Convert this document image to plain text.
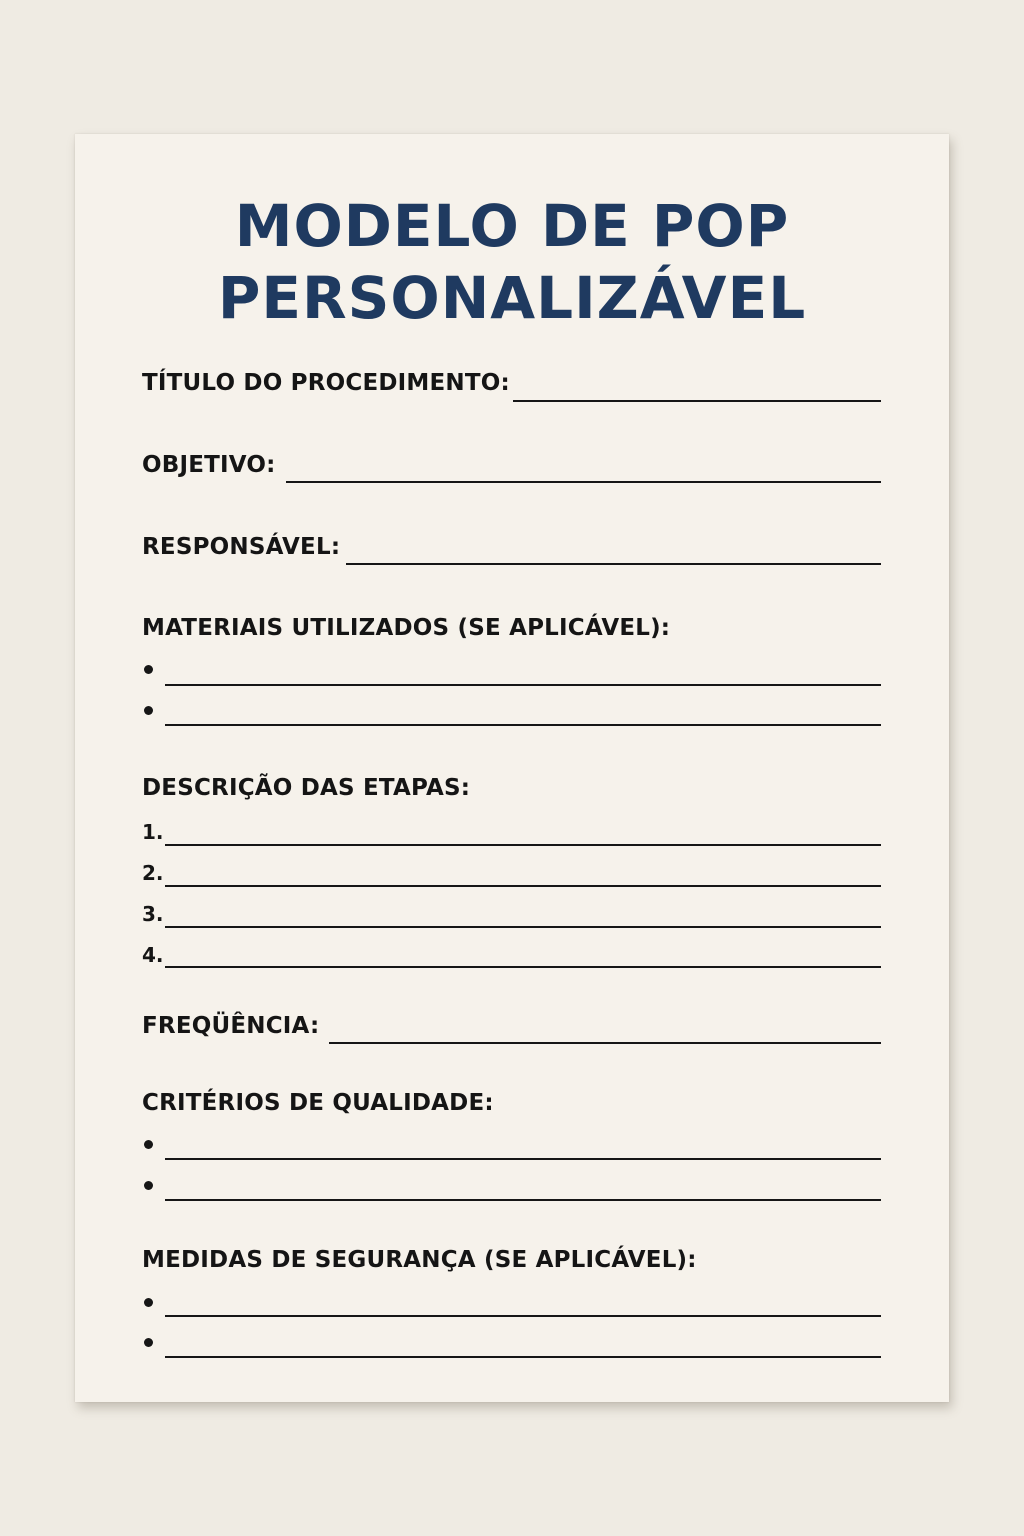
MODELO DE POP
PERSONALIZÁVEL
TÍTULO DO PROCEDIMENTO:
OBJETIVO:
RESPONSÁVEL:
MATERIAIS UTILIZADOS (SE APLICÁVEL):
DESCRIÇÃO DAS ETAPAS:
1.
2.
3.
4.
FREQÜÊNCIA:
CRITÉRIOS DE QUALIDADE:
MEDIDAS DE SEGURANÇA (SE APLICÁVEL):
